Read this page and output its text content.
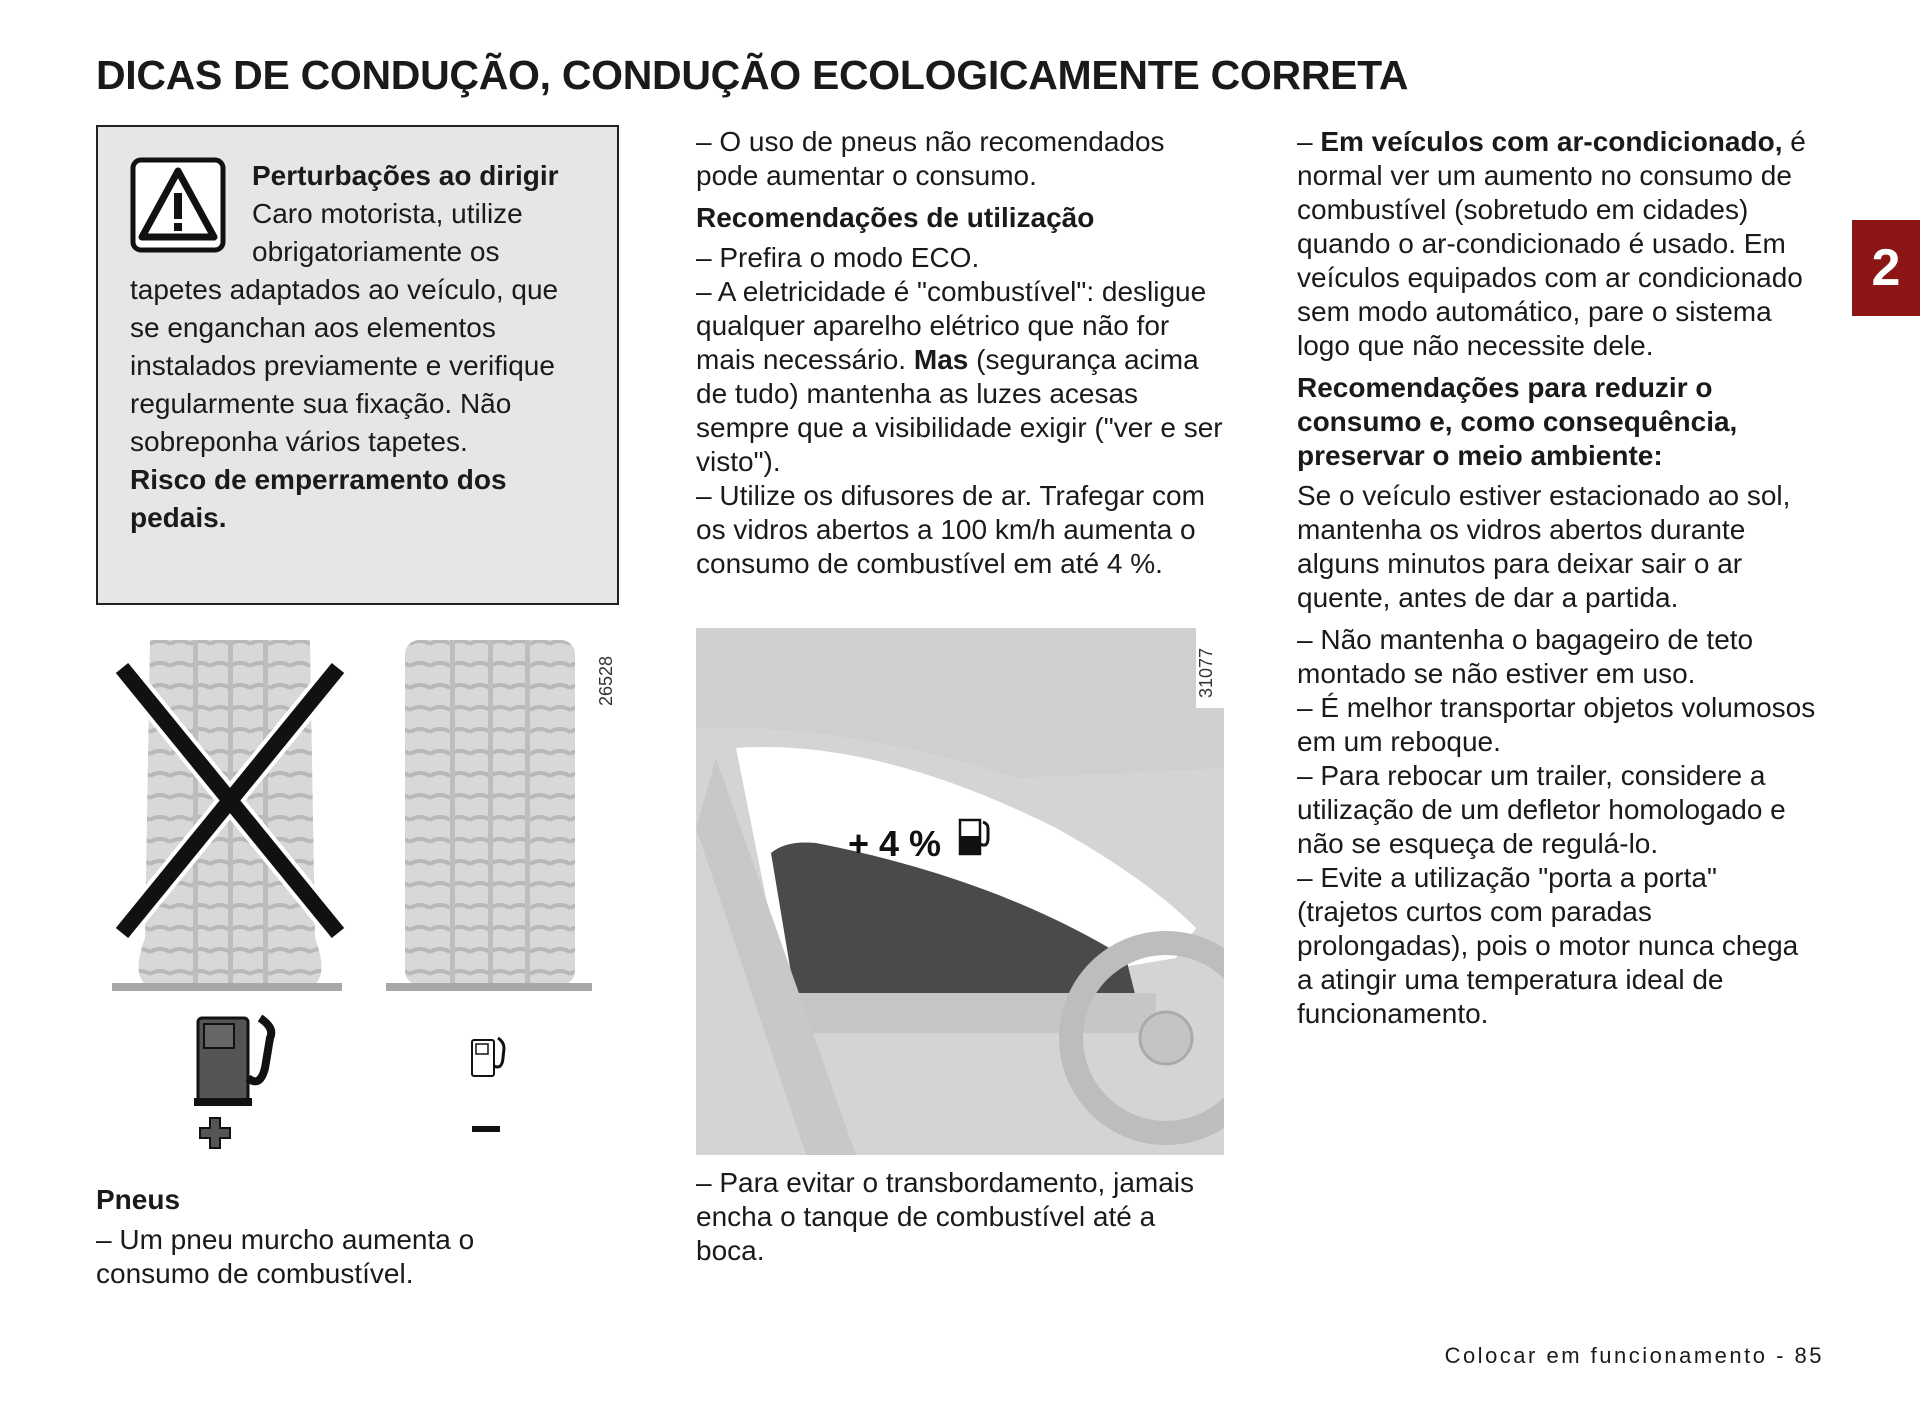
DICAS DE CONDUÇÃO, CONDUÇÃO ECOLOGICAMENTE CORRETA
2
Perturbações ao dirigir
Caro motorista, utilize obrigatoriamente os tapetes adaptados ao veículo, que se enganchan aos elementos instalados previamente e verifique regularmente sua fixação. Não sobreponha vários tapetes.
Risco de emperramento dos pedais.
26528
+ 4 %
31077

Pneus

– Um pneu murcho aumenta o consumo de combustível.

– O uso de pneus não recomendados pode aumentar o consumo.

Recomendações de utilização

– Prefira o modo ECO.

– A eletricidade é "combustível": desligue qualquer aparelho elétrico que não for mais necessário. Mas (segurança acima de tudo) mantenha as luzes acesas sempre que a visibilidade exigir ("ver e ser visto").

– Utilize os difusores de ar. Trafegar com os vidros abertos a 100 km/h aumenta o consumo de combustível em até 4 %.

– Para evitar o transbordamento, jamais encha o tanque de combustível até a boca.

– Em veículos com ar-condicionado, é normal ver um aumento no consumo de combustível (sobretudo em cidades) quando o ar-condicionado é usado. Em veículos equipados com ar condicionado sem modo automático, pare o sistema logo que não necessite dele.

Recomendações para reduzir o consumo e, como consequência, preservar o meio ambiente:

Se o veículo estiver estacionado ao sol, mantenha os vidros abertos durante alguns minutos para deixar sair o ar quente, antes de dar a partida.

– Não mantenha o bagageiro de teto montado se não estiver em uso.

– É melhor transportar objetos volumosos em um reboque.

– Para rebocar um trailer, considere a utilização de um defletor homologado e não se esqueça de regulá-lo.

– Evite a utilização "porta a porta" (trajetos curtos com paradas prolongadas), pois o motor nunca chega a atingir uma temperatura ideal de funcionamento.

Colocar em funcionamento - 85
